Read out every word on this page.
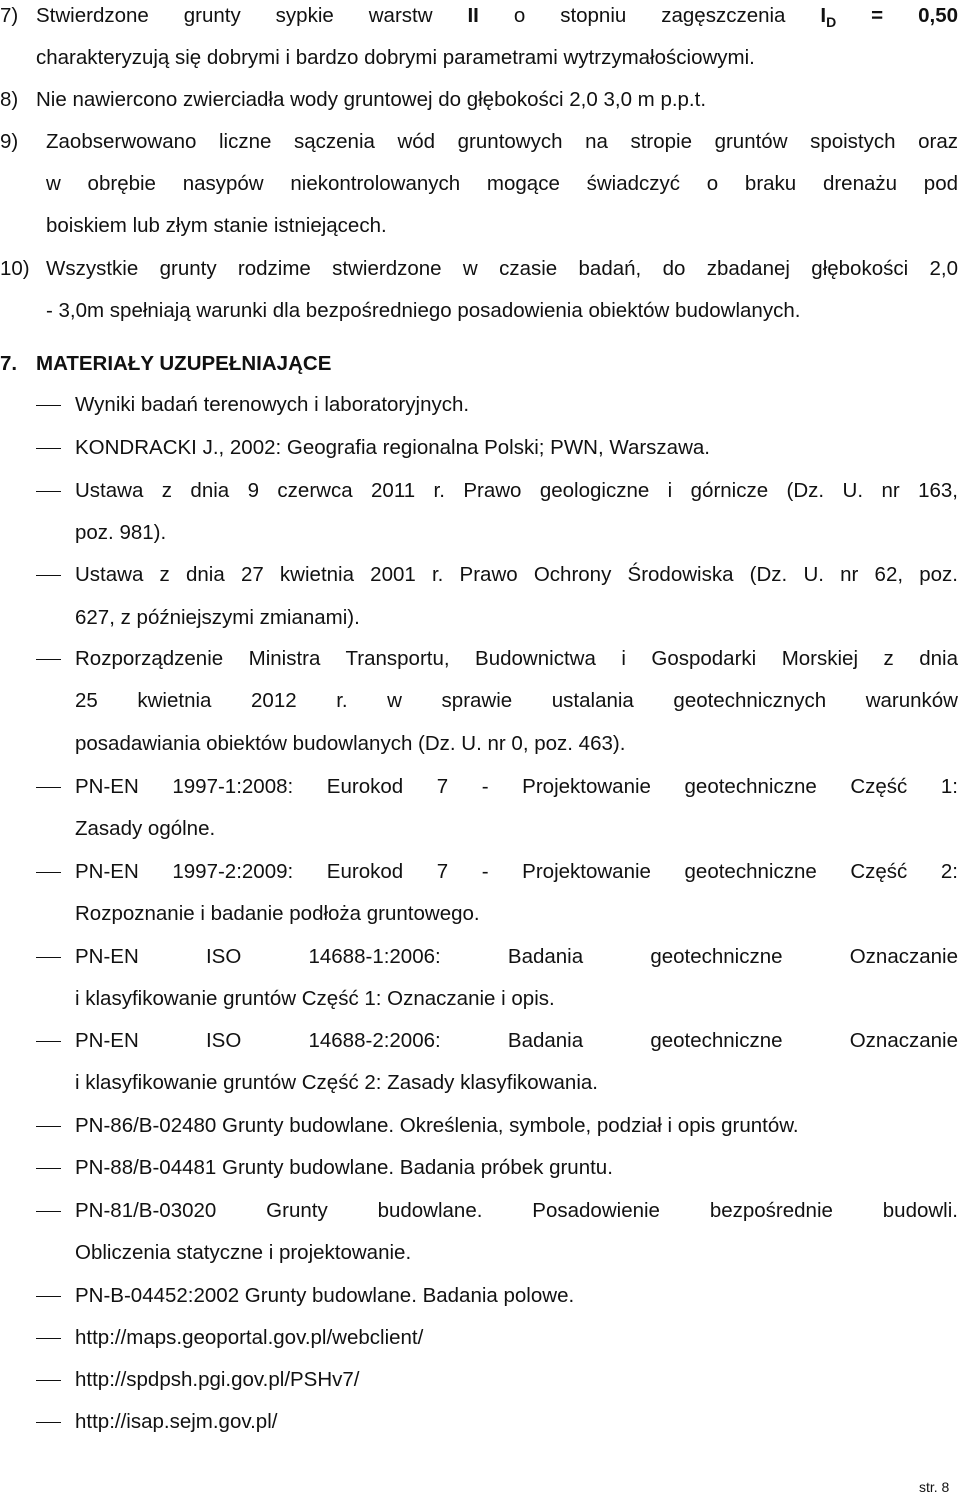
7) Stwierdzone grunty sypkie warstw II o stopniu zagęszczenia $I_D = 0,50$
charakteryzują się dobrymi i bardzo dobrymi parametrami wytrzymałościowymi.
8) Nie nawiercono zwierciadła wody gruntowej do głębokości 2,0 3,0 m p.p.t.
9) Zaobserwowano liczne sączenia wód gruntowych na stropie gruntów spoistych oraz
w obrębie nasypów niekontrolowanych mogące świadczyć o braku drenażu pod
boiskiem lub złym stanie istniejącech.
10) Wszystkie grunty rodzime stwierdzone w czasie badań, do zbadanej głębokości 2,0
- 3,0m spełniają warunki dla bezpośredniego posadowienia obiektów budowlanych.
7. MATERIAŁY UZUPEŁNIAJĄCE
Wyniki badań terenowych i laboratoryjnych.
KONDRACKI J., 2002: Geografia regionalna Polski; PWN, Warszawa.
Ustawa z dnia 9 czerwca 2011 r. Prawo geologiczne i górnicze (Dz. U. nr 163,
poz. 981).
Ustawa z dnia 27 kwietnia 2001 r. Prawo Ochrony Środowiska (Dz. U. nr 62, poz.
627, z późniejszymi zmianami).
Rozporządzenie Ministra Transportu, Budownictwa i Gospodarki Morskiej z dnia
25 kwietnia 2012 r. w sprawie ustalania geotechnicznych warunków
posadawiania obiektów budowlanych (Dz. U. nr 0, poz. 463).
PN-EN 1997-1:2008: Eurokod 7 - Projektowanie geotechniczne Część 1:
Zasady ogólne.
PN-EN 1997-2:2009: Eurokod 7 - Projektowanie geotechniczne Część 2:
Rozpoznanie i badanie podłoża gruntowego.
PN-EN ISO 14688-1:2006: Badania geotechniczne Oznaczanie
i klasyfikowanie gruntów Część 1: Oznaczanie i opis.
PN-EN ISO 14688-2:2006: Badania geotechniczne Oznaczanie
i klasyfikowanie gruntów Część 2: Zasady klasyfikowania.
PN-86/B-02480 Grunty budowlane. Określenia, symbole, podział i opis gruntów.
PN-88/B-04481 Grunty budowlane. Badania próbek gruntu.
PN-81/B-03020 Grunty budowlane. Posadowienie bezpośrednie budowli.
Obliczenia statyczne i projektowanie.
PN-B-04452:2002 Grunty budowlane. Badania polowe.
http://maps.geoportal.gov.pl/webclient/
http://spdpsh.pgi.gov.pl/PSHv7/
http://isap.sejm.gov.pl/
str. 8
